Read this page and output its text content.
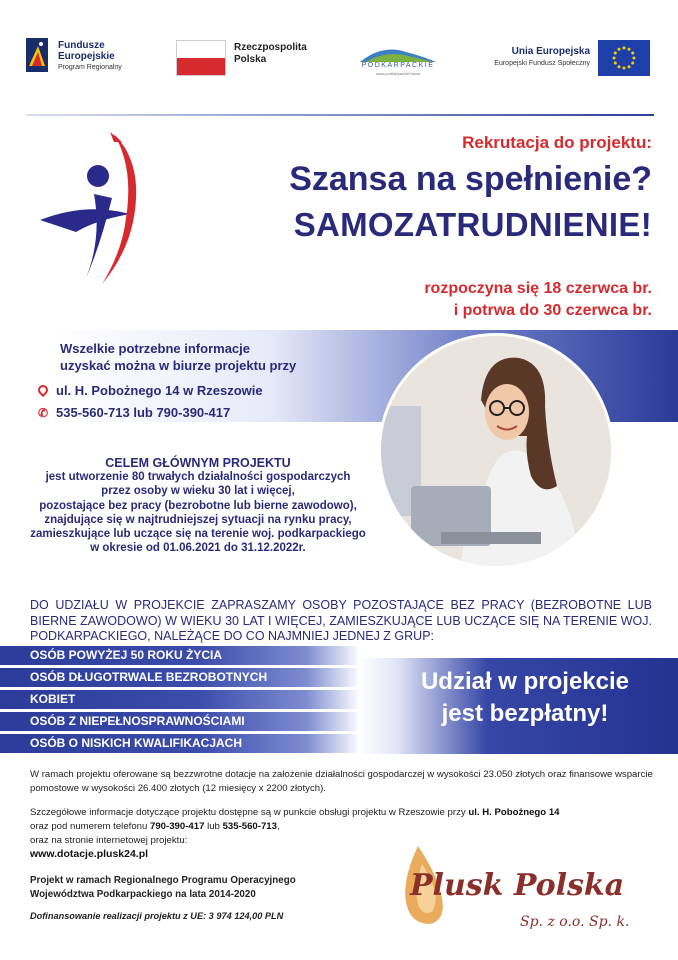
Fundusze
Europejskie
Program Regionalny
Rzeczpospolita
Polska
PODKARPACKIE
www.podkarpackie.travel
Unia Europejska
Europejski Fundusz Społeczny
Rekrutacja do projektu:
Szansa na spełnienie?
SAMOZATRUDNIENIE!
rozpoczyna się 18 czerwca br.
i potrwa do 30 czerwca br.
Wszelkie potrzebne informacje
uzyskać można w biurze projektu przy
ul. H. Pobożnego 14 w Rzeszowie
✆ 535-560-713 lub 790-390-417
CELEM GŁÓWNYM PROJEKTU
jest utworzenie 80 trwałych działalności gospodarczych
przez osoby w wieku 30 lat i więcej,
pozostające bez pracy (bezrobotne lub bierne zawodowo),
znajdujące się w najtrudniejszej sytuacji na rynku pracy,
zamieszkujące lub uczące się na terenie woj. podkarpackiego
w okresie od 01.06.2021 do 31.12.2022r.
DO UDZIAŁU W PROJEKCIE ZAPRASZAMY OSOBY POZOSTAJĄCE BEZ PRACY (BEZROBOTNE LUB BIERNE ZAWODOWO) W WIEKU 30 LAT I WIĘCEJ, ZAMIESZKUJĄCE LUB UCZĄCE SIĘ NA TERENIE WOJ. PODKARPACKIEGO, NALEŻĄCE DO CO NAJMNIEJ JEDNEJ Z GRUP:
OSÓB POWYŻEJ 50 ROKU ŻYCIA
OSÓB DŁUGOTRWALE BEZROBOTNYCH
KOBIET
OSÓB Z NIEPEŁNOSPRAWNOŚCIAMI
OSÓB O NISKICH KWALIFIKACJACH
Udział w projekcie
jest bezpłatny!
W ramach projektu oferowane są bezzwrotne dotacje na założenie działalności gospodarczej w wysokości 23.050 złotych oraz finansowe wsparcie pomostowe w wysokości 26.400 złotych (12 miesięcy x 2200 złotych).
Szczegółowe informacje dotyczące projektu dostępne są w punkcie obsługi projektu w Rzeszowie przy ul. H. Pobożnego 14
oraz pod numerem telefonu 790-390-417 lub 535-560-713,
oraz na stronie internetowej projektu:
www.dotacje.plusk24.pl
Projekt w ramach Regionalnego Programu Operacyjnego
Województwa Podkarpackiego na lata 2014-2020
Dofinansowanie realizacji projektu z UE: 3 974 124,00 PLN
Plusk Polska
Sp. z o.o. Sp. k.
